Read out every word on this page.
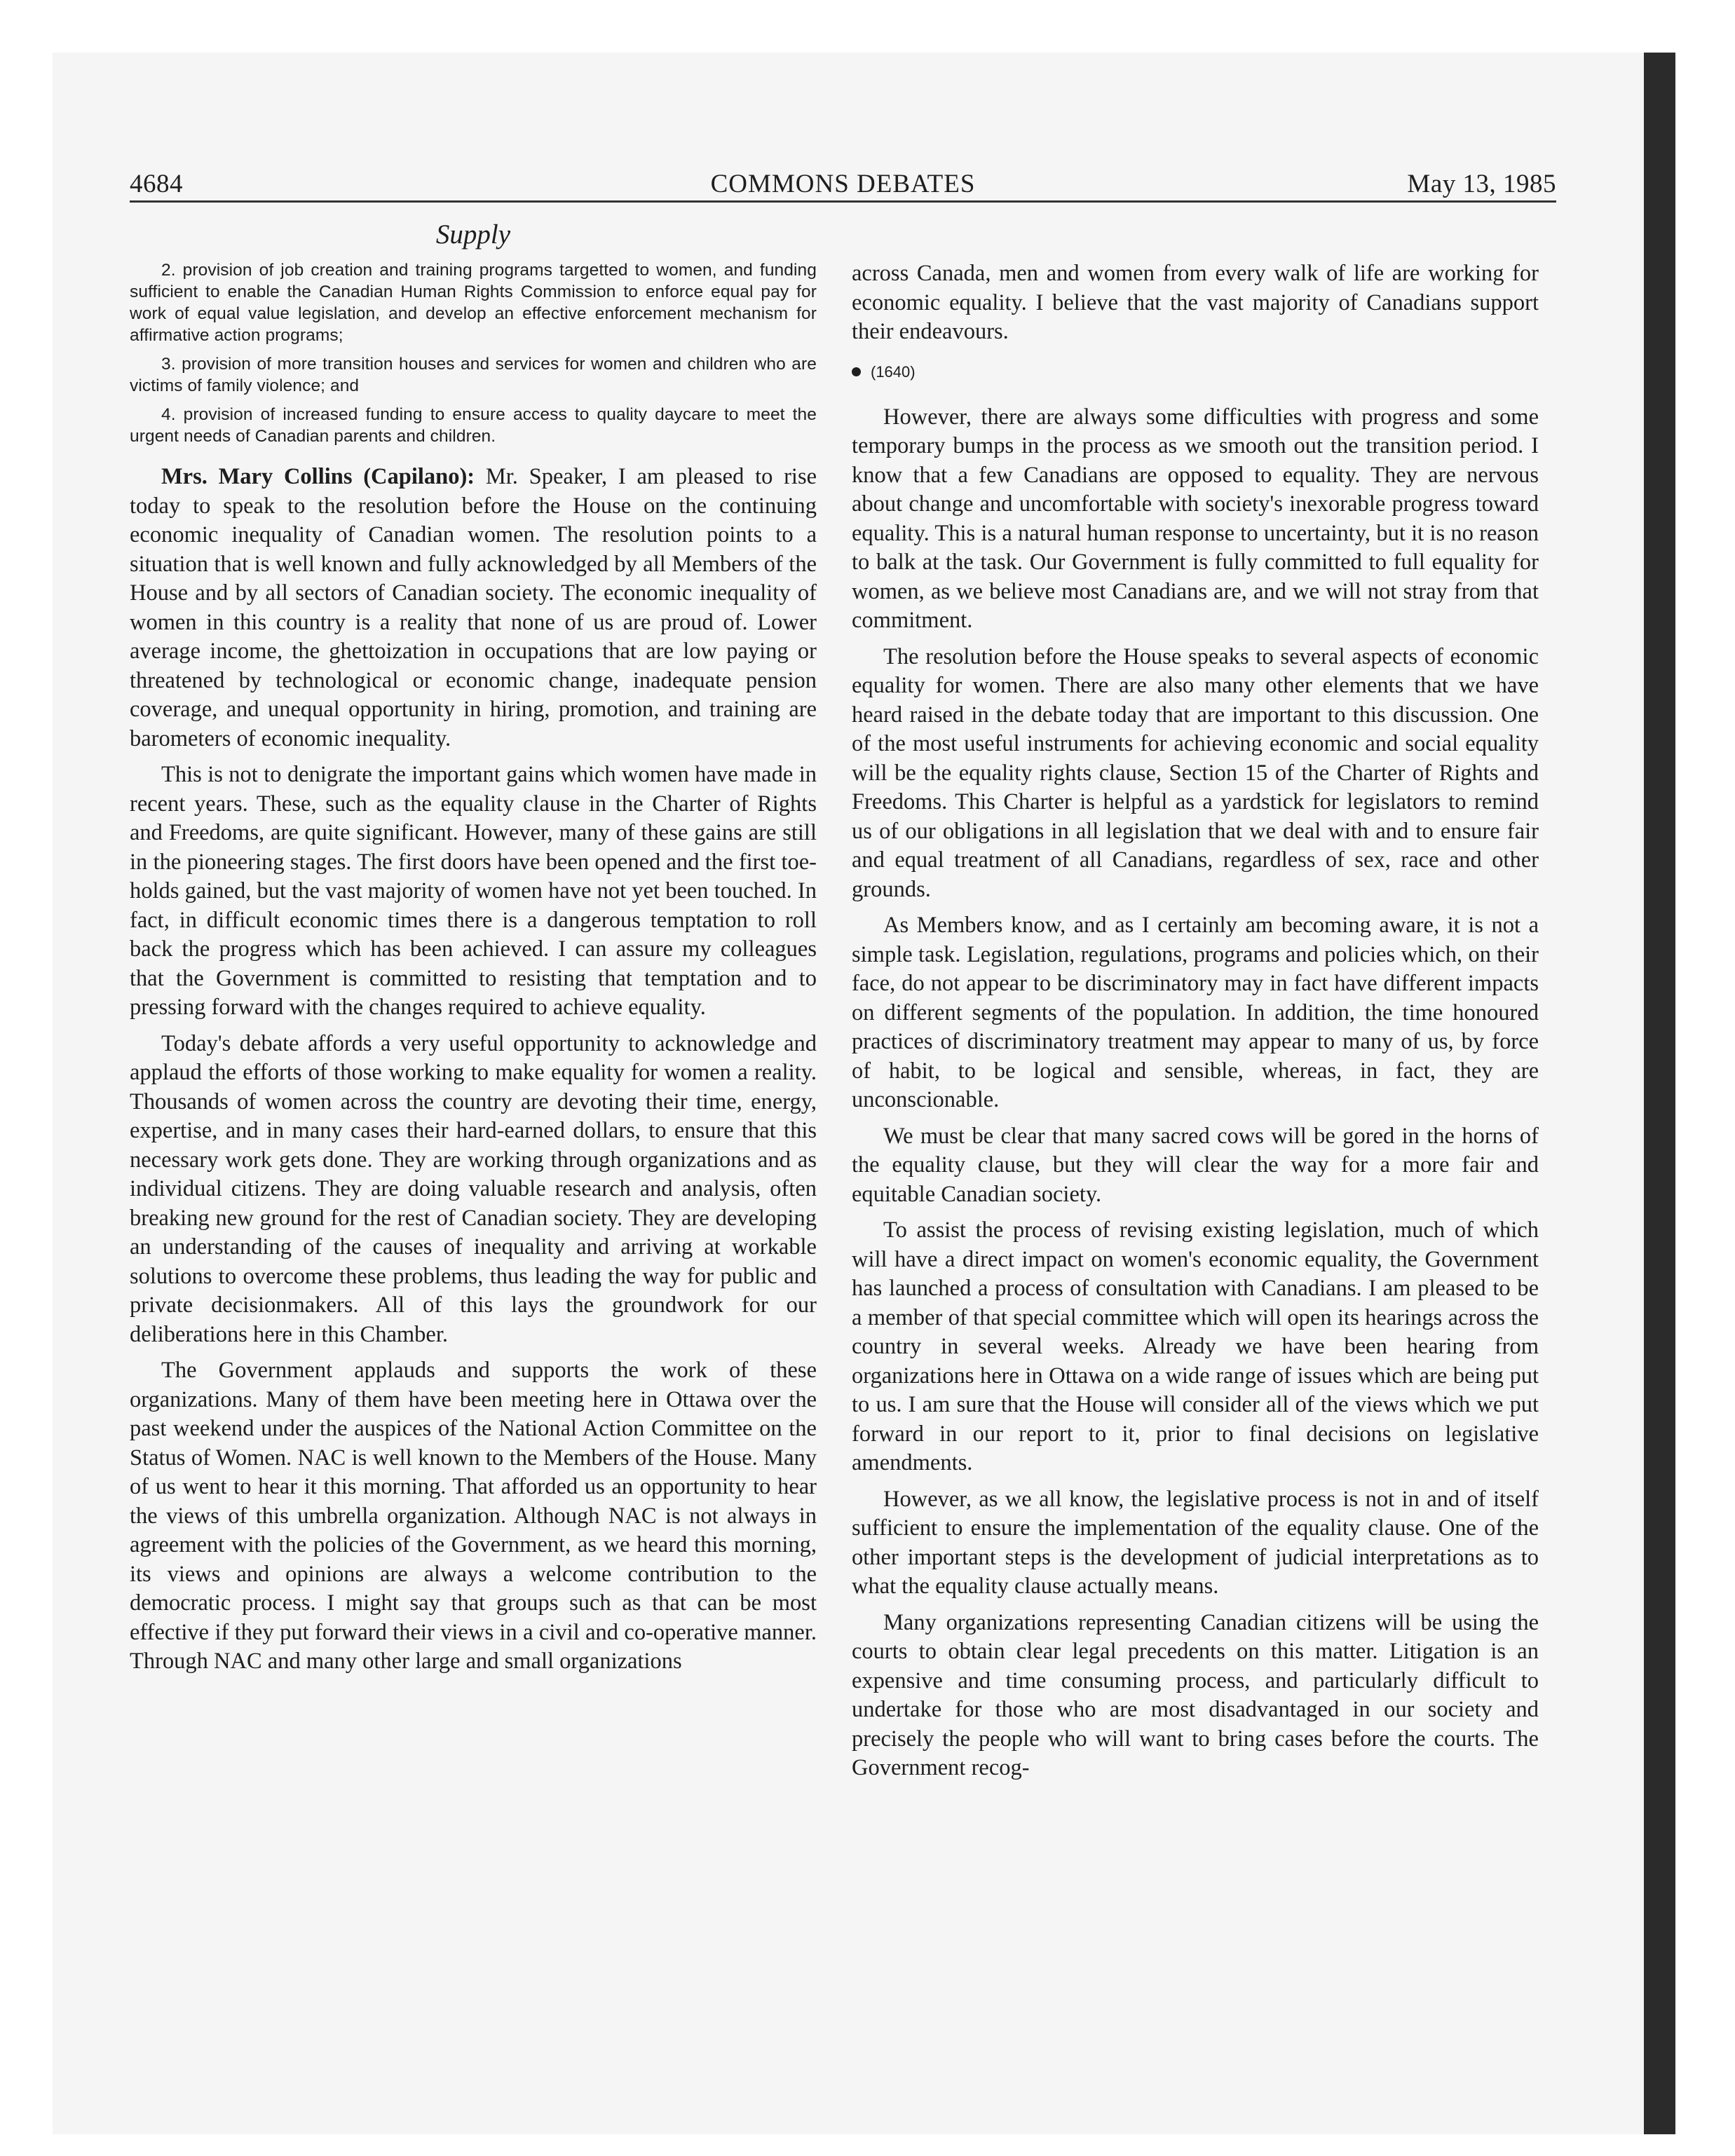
4684	COMMONS DEBATES	May 13, 1985
Supply

2. provision of job creation and training programs targetted to women, and funding sufficient to enable the Canadian Human Rights Commission to enforce equal pay for work of equal value legislation, and develop an effective enforcement mechanism for affirmative action programs;

3. provision of more transition houses and services for women and children who are victims of family violence; and

4. provision of increased funding to ensure access to quality daycare to meet the urgent needs of Canadian parents and children.

Mrs. Mary Collins (Capilano): Mr. Speaker, I am pleased to rise today to speak to the resolution before the House on the continuing economic inequality of Canadian women. The resolution points to a situation that is well known and fully acknowledged by all Members of the House and by all sectors of Canadian society. The economic inequality of women in this country is a reality that none of us are proud of. Lower average income, the ghettoization in occupations that are low paying or threatened by technological or economic change, inadequate pension coverage, and unequal opportunity in hiring, promotion, and training are barometers of economic inequality.

This is not to denigrate the important gains which women have made in recent years. These, such as the equality clause in the Charter of Rights and Freedoms, are quite significant. However, many of these gains are still in the pioneering stages. The first doors have been opened and the first toe-holds gained, but the vast majority of women have not yet been touched. In fact, in difficult economic times there is a dangerous temptation to roll back the progress which has been achieved. I can assure my colleagues that the Government is committed to resisting that temptation and to pressing forward with the changes required to achieve equality.

Today's debate affords a very useful opportunity to acknowledge and applaud the efforts of those working to make equality for women a reality. Thousands of women across the country are devoting their time, energy, expertise, and in many cases their hard-earned dollars, to ensure that this necessary work gets done. They are working through organizations and as individual citizens. They are doing valuable research and analysis, often breaking new ground for the rest of Canadian society. They are developing an understanding of the causes of inequality and arriving at workable solutions to overcome these problems, thus leading the way for public and private decisionmakers. All of this lays the groundwork for our deliberations here in this Chamber.

The Government applauds and supports the work of these organizations. Many of them have been meeting here in Ottawa over the past weekend under the auspices of the National Action Committee on the Status of Women. NAC is well known to the Members of the House. Many of us went to hear it this morning. That afforded us an opportunity to hear the views of this umbrella organization. Although NAC is not always in agreement with the policies of the Government, as we heard this morning, its views and opinions are always a welcome contribution to the democratic process. I might say that groups such as that can be most effective if they put forward their views in a civil and co-operative manner. Through NAC and many other large and small organizations

across Canada, men and women from every walk of life are working for economic equality. I believe that the vast majority of Canadians support their endeavours.

(1640)

However, there are always some difficulties with progress and some temporary bumps in the process as we smooth out the transition period. I know that a few Canadians are opposed to equality. They are nervous about change and uncomfortable with society's inexorable progress toward equality. This is a natural human response to uncertainty, but it is no reason to balk at the task. Our Government is fully committed to full equality for women, as we believe most Canadians are, and we will not stray from that commitment.

The resolution before the House speaks to several aspects of economic equality for women. There are also many other elements that we have heard raised in the debate today that are important to this discussion. One of the most useful instruments for achieving economic and social equality will be the equality rights clause, Section 15 of the Charter of Rights and Freedoms. This Charter is helpful as a yardstick for legislators to remind us of our obligations in all legislation that we deal with and to ensure fair and equal treatment of all Canadians, regardless of sex, race and other grounds.

As Members know, and as I certainly am becoming aware, it is not a simple task. Legislation, regulations, programs and policies which, on their face, do not appear to be discriminatory may in fact have different impacts on different segments of the population. In addition, the time honoured practices of discriminatory treatment may appear to many of us, by force of habit, to be logical and sensible, whereas, in fact, they are unconscionable.

We must be clear that many sacred cows will be gored in the horns of the equality clause, but they will clear the way for a more fair and equitable Canadian society.

To assist the process of revising existing legislation, much of which will have a direct impact on women's economic equality, the Government has launched a process of consultation with Canadians. I am pleased to be a member of that special committee which will open its hearings across the country in several weeks. Already we have been hearing from organizations here in Ottawa on a wide range of issues which are being put to us. I am sure that the House will consider all of the views which we put forward in our report to it, prior to final decisions on legislative amendments.

However, as we all know, the legislative process is not in and of itself sufficient to ensure the implementation of the equality clause. One of the other important steps is the development of judicial interpretations as to what the equality clause actually means.

Many organizations representing Canadian citizens will be using the courts to obtain clear legal precedents on this matter. Litigation is an expensive and time consuming process, and particularly difficult to undertake for those who are most disadvantaged in our society and precisely the people who will want to bring cases before the courts. The Government recog-
